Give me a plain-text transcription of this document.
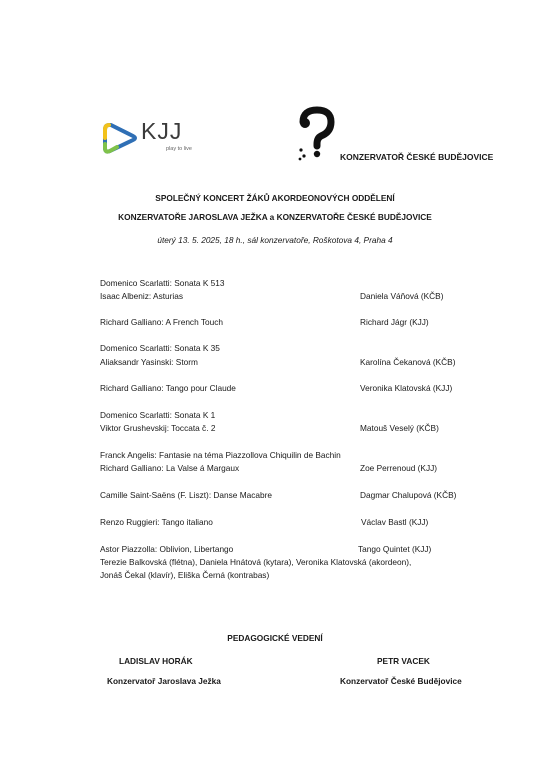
KJJ
play to live
KONZERVATOŘ ČESKÉ BUDĚJOVICE
SPOLEČNÝ KONCERT ŽÁKŮ AKORDEONOVÝCH ODDĚLENÍ
KONZERVATOŘE JAROSLAVA JEŽKA a KONZERVATOŘE ČESKÉ BUDĚJOVICE
úterý 13. 5. 2025, 18 h., sál konzervatoře, Roškotova 4, Praha 4
Domenico Scarlatti: Sonata K 513
Isaac Albeniz: Asturias	Daniela Váňová (KČB)
Richard Galliano: A French Touch	Richard Jágr (KJJ)
Domenico Scarlatti: Sonata K 35
Aliaksandr Yasinski: Storm	Karolína Čekanová (KČB)
Richard Galliano: Tango pour Claude	Veronika Klatovská (KJJ)
Domenico Scarlatti: Sonata K 1
Viktor Grushevskij: Toccata č. 2	Matouš Veselý (KČB)
Franck Angelis: Fantasie na téma Piazzollova Chiquilin de Bachin
Richard Galliano: La Valse á Margaux	Zoe Perrenoud (KJJ)
Camille Saint-Saëns (F. Liszt): Danse Macabre	Dagmar Chalupová (KČB)
Renzo Ruggieri: Tango italiano	Václav Bastl (KJJ)
Astor Piazzolla: Oblivion, Libertango	Tango Quintet (KJJ)
Terezie Balkovská (flétna), Daniela Hnátová (kytara), Veronika Klatovská (akordeon),
Jonáš Čekal (klavír), Eliška Černá (kontrabas)
PEDAGOGICKÉ VEDENÍ
LADISLAV HORÁK
Konzervatoř Jaroslava Ježka
PETR VACEK
Konzervatoř České Budějovice
